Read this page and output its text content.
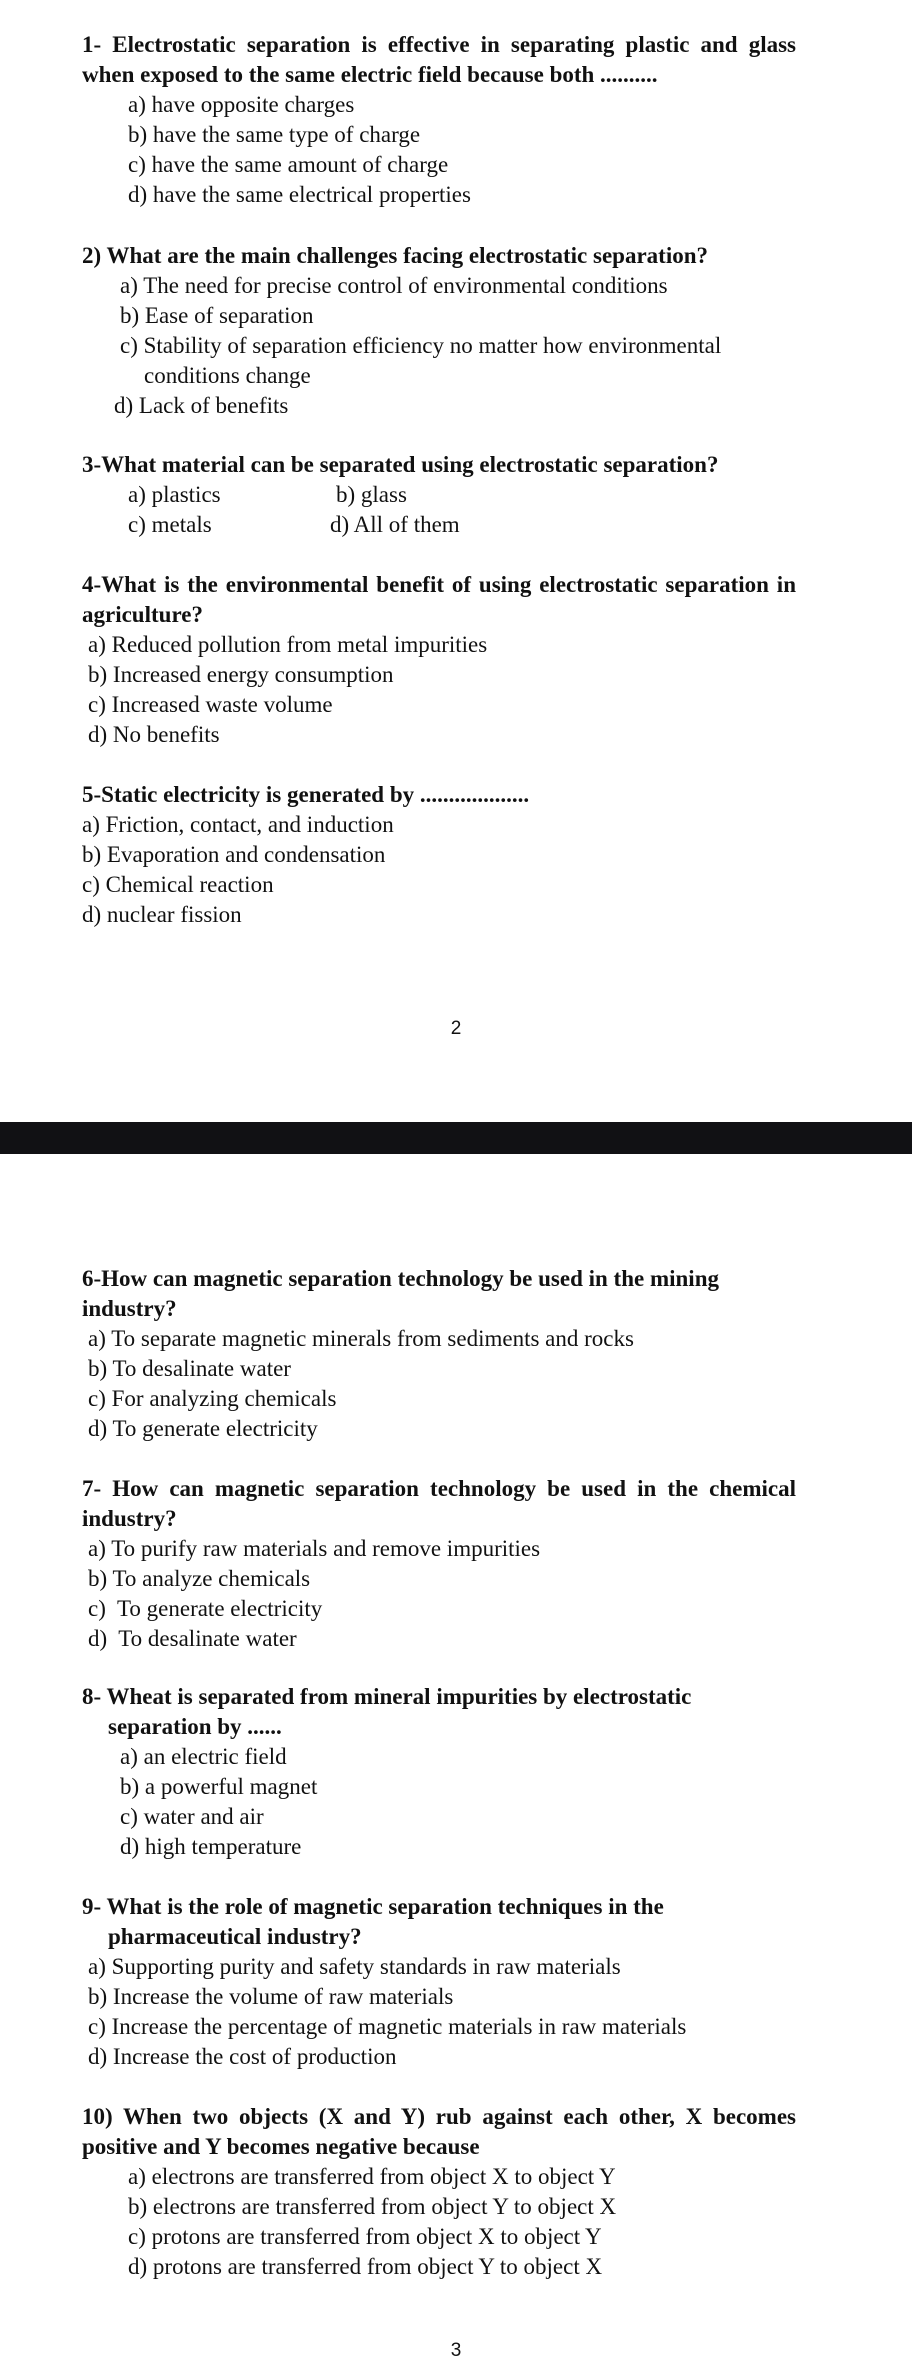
1- Electrostatic separation is effective in separating plastic and glass when exposed to the same electric field because both ..........

a) have opposite charges

b) have the same type of charge

c) have the same amount of charge

d) have the same electrical properties

2) What are the main challenges facing electrostatic separation?

a) The need for precise control of environmental conditions

b) Ease of separation

c) Stability of separation efficiency no matter how environmental conditions change

d) Lack of benefits

3-What material can be separated using electrostatic separation?

a) plastics	b) glass

c) metals	d) All of them

4-What is the environmental benefit of using electrostatic separation in agriculture?

a) Reduced pollution from metal impurities

b) Increased energy consumption

c) Increased waste volume

d) No benefits

5-Static electricity is generated by ...................

a) Friction, contact, and induction

b) Evaporation and condensation

c) Chemical reaction

d) nuclear fission

2

6-How can magnetic separation technology be used in the mining industry?

a) To separate magnetic minerals from sediments and rocks

b) To desalinate water

c) For analyzing chemicals

d) To generate electricity

7- How can magnetic separation technology be used in the chemical industry?

a) To purify raw materials and remove impurities

b) To analyze chemicals

c)  To generate electricity

d)  To desalinate water

8- Wheat is separated from mineral impurities by electrostatic

separation by ......

a) an electric field

b) a powerful magnet

c) water and air

d) high temperature

9- What is the role of magnetic separation techniques in the

pharmaceutical industry?

a) Supporting purity and safety standards in raw materials

b) Increase the volume of raw materials

c) Increase the percentage of magnetic materials in raw materials

d) Increase the cost of production

10) When two objects (X and Y) rub against each other, X becomes positive and Y becomes negative because

a) electrons are transferred from object X to object Y

b) electrons are transferred from object Y to object X

c) protons are transferred from object X to object Y

d) protons are transferred from object Y to object X

3
